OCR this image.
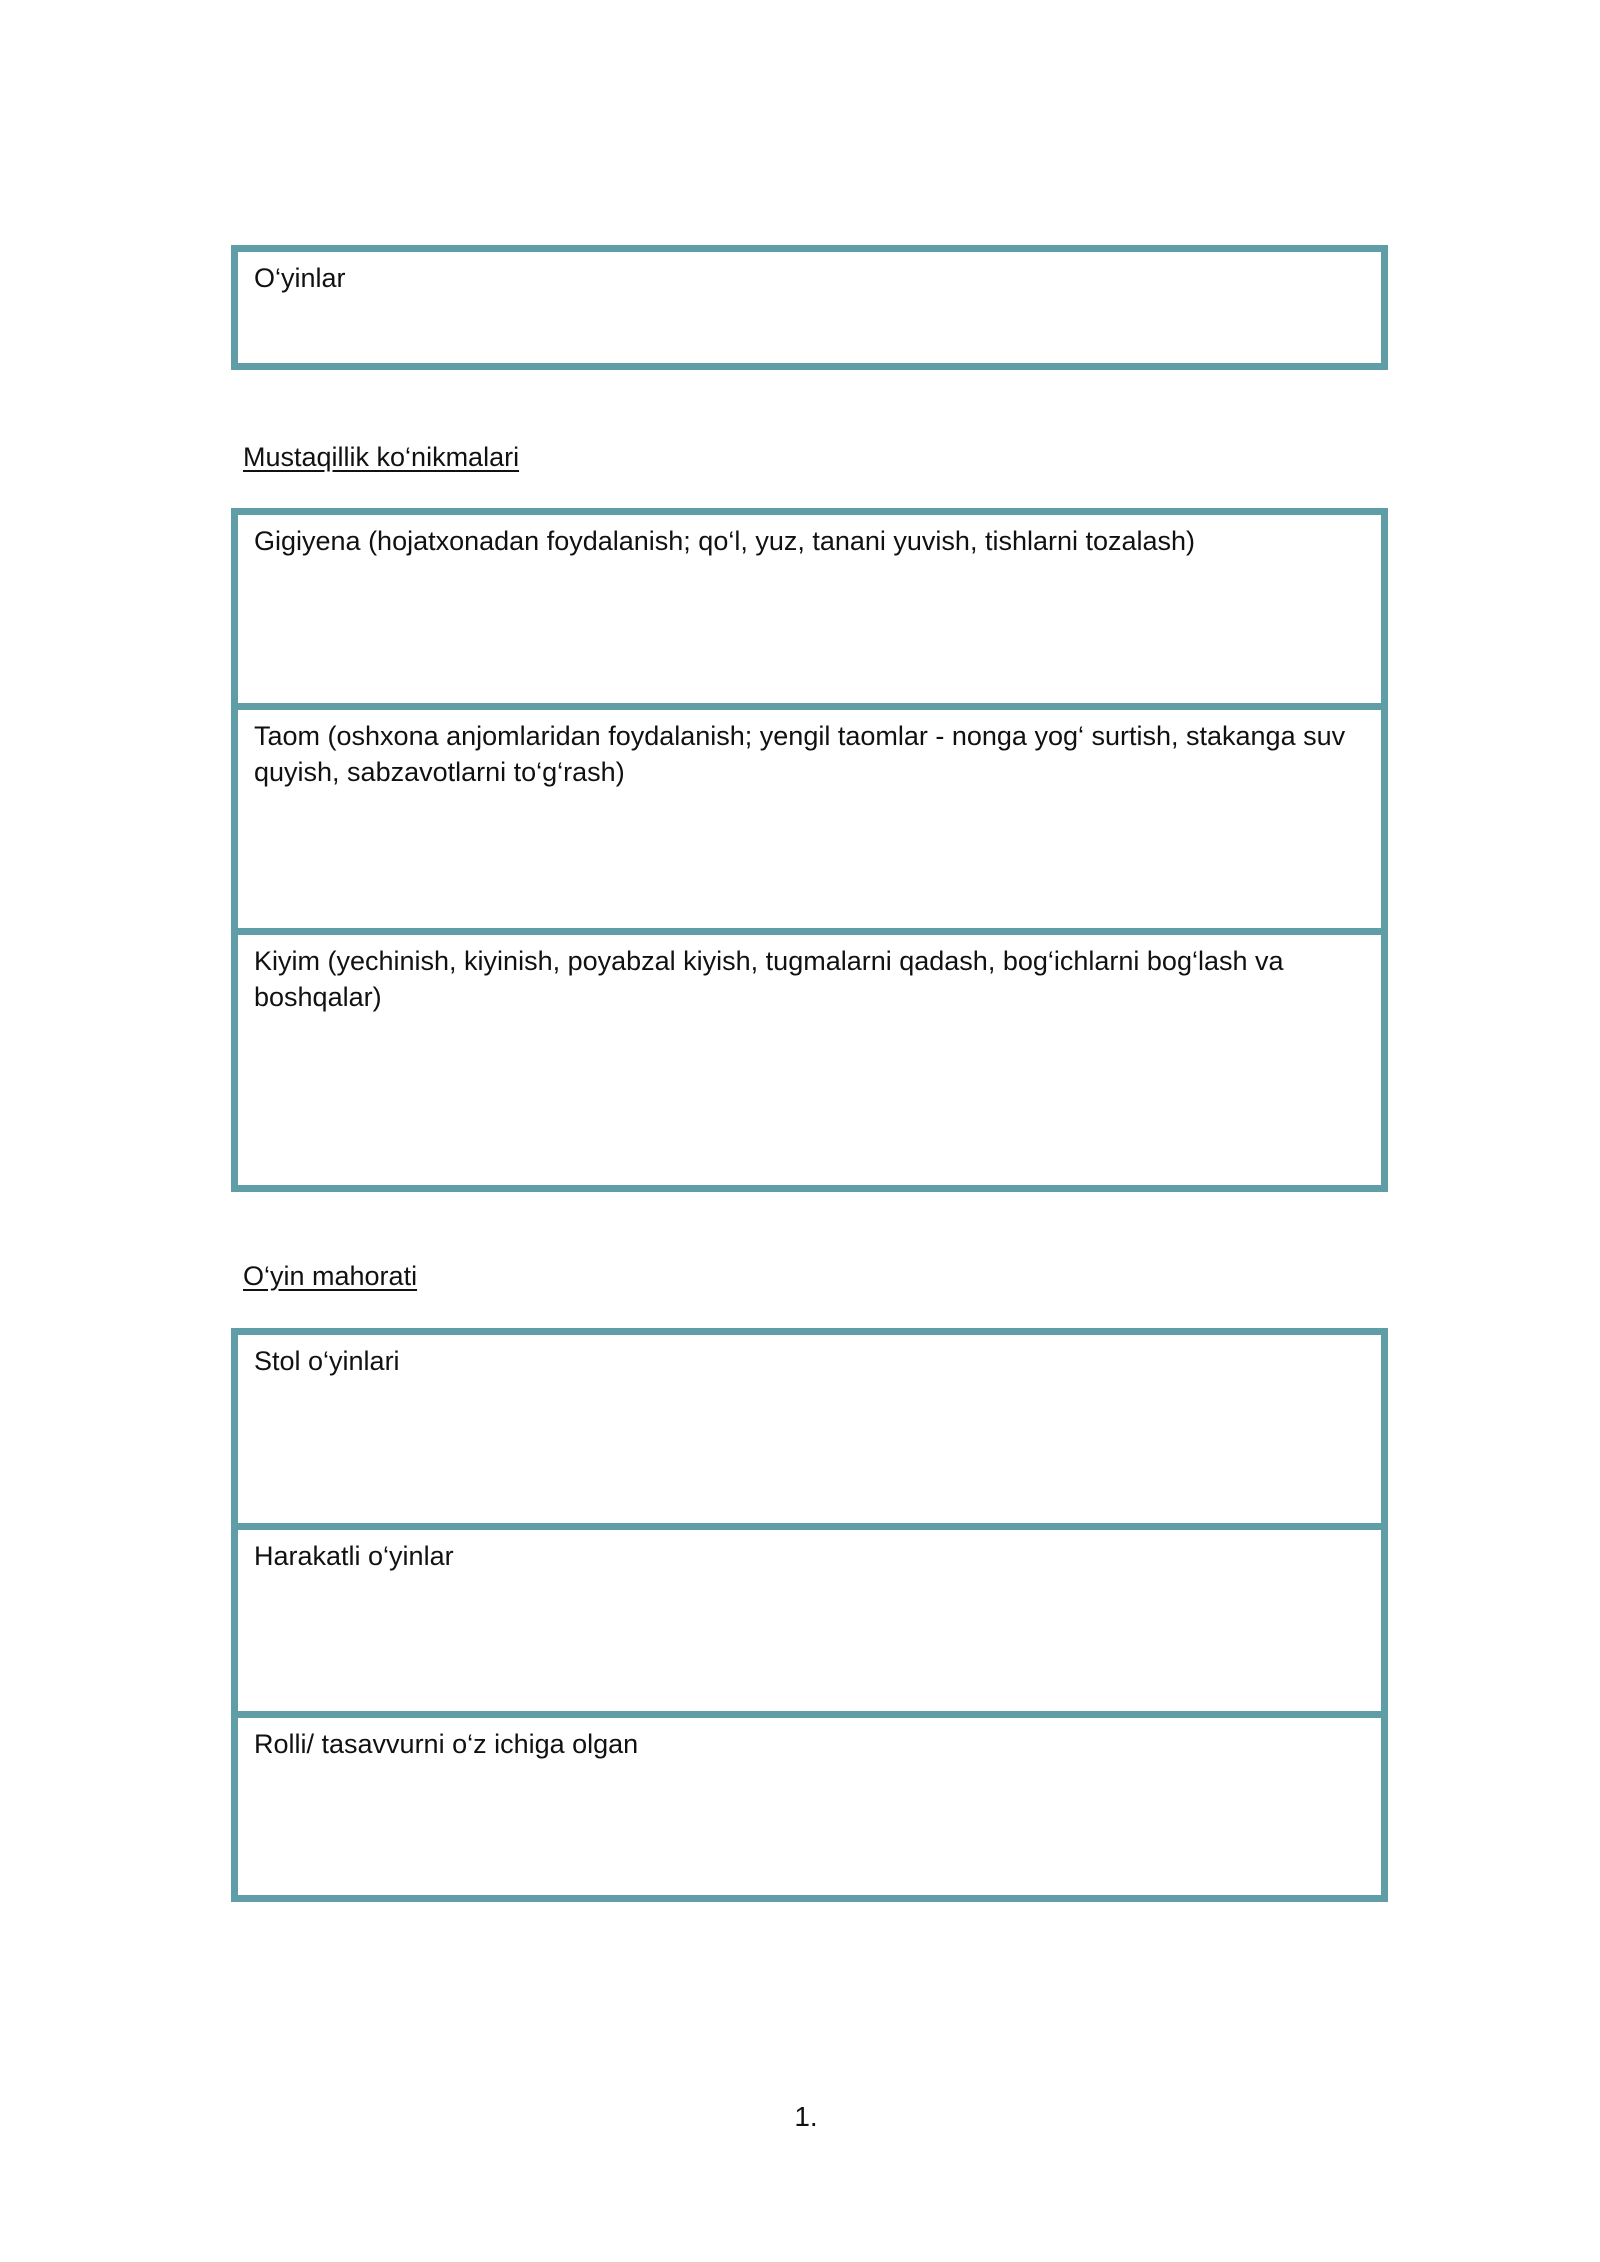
O‘yinlar
Mustaqillik ko‘nikmalari
Gigiyena (hojatxonadan foydalanish; qo‘l, yuz, tanani yuvish, tishlarni tozalash)
Taom (oshxona anjomlaridan foydalanish; yengil taomlar - nonga yog‘ surtish, stakanga suv quyish, sabzavotlarni to‘g‘rash)
Kiyim (yechinish, kiyinish, poyabzal kiyish, tugmalarni qadash, bog‘ichlarni bog‘lash va boshqalar)
O‘yin mahorati
Stol o‘yinlari
Harakatli o‘yinlar
Rolli/ tasavvurni o‘z ichiga olgan
1.
